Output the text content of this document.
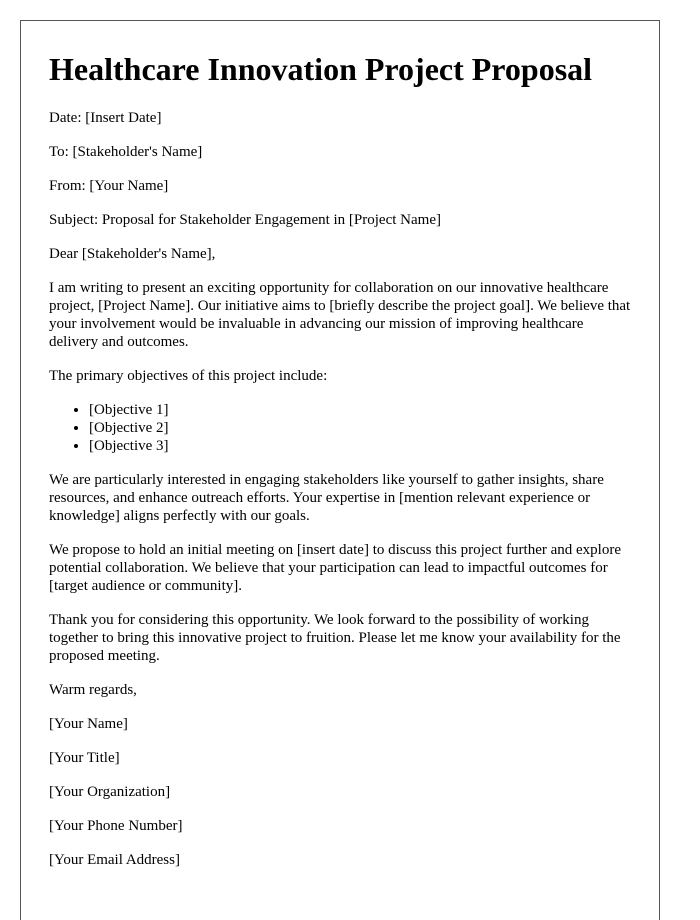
Healthcare Innovation Project Proposal

Date: [Insert Date]

To: [Stakeholder's Name]

From: [Your Name]

Subject: Proposal for Stakeholder Engagement in [Project Name]

Dear [Stakeholder's Name],

I am writing to present an exciting opportunity for collaboration on our innovative healthcare project, [Project Name]. Our initiative aims to [briefly describe the project goal]. We believe that your involvement would be invaluable in advancing our mission of improving healthcare delivery and outcomes.

The primary objectives of this project include:

• [Objective 1]
• [Objective 2]
• [Objective 3]

We are particularly interested in engaging stakeholders like yourself to gather insights, share resources, and enhance outreach efforts. Your expertise in [mention relevant experience or knowledge] aligns perfectly with our goals.

We propose to hold an initial meeting on [insert date] to discuss this project further and explore potential collaboration. We believe that your participation can lead to impactful outcomes for [target audience or community].

Thank you for considering this opportunity. We look forward to the possibility of working together to bring this innovative project to fruition. Please let me know your availability for the proposed meeting.

Warm regards,

[Your Name]

[Your Title]

[Your Organization]

[Your Phone Number]

[Your Email Address]
